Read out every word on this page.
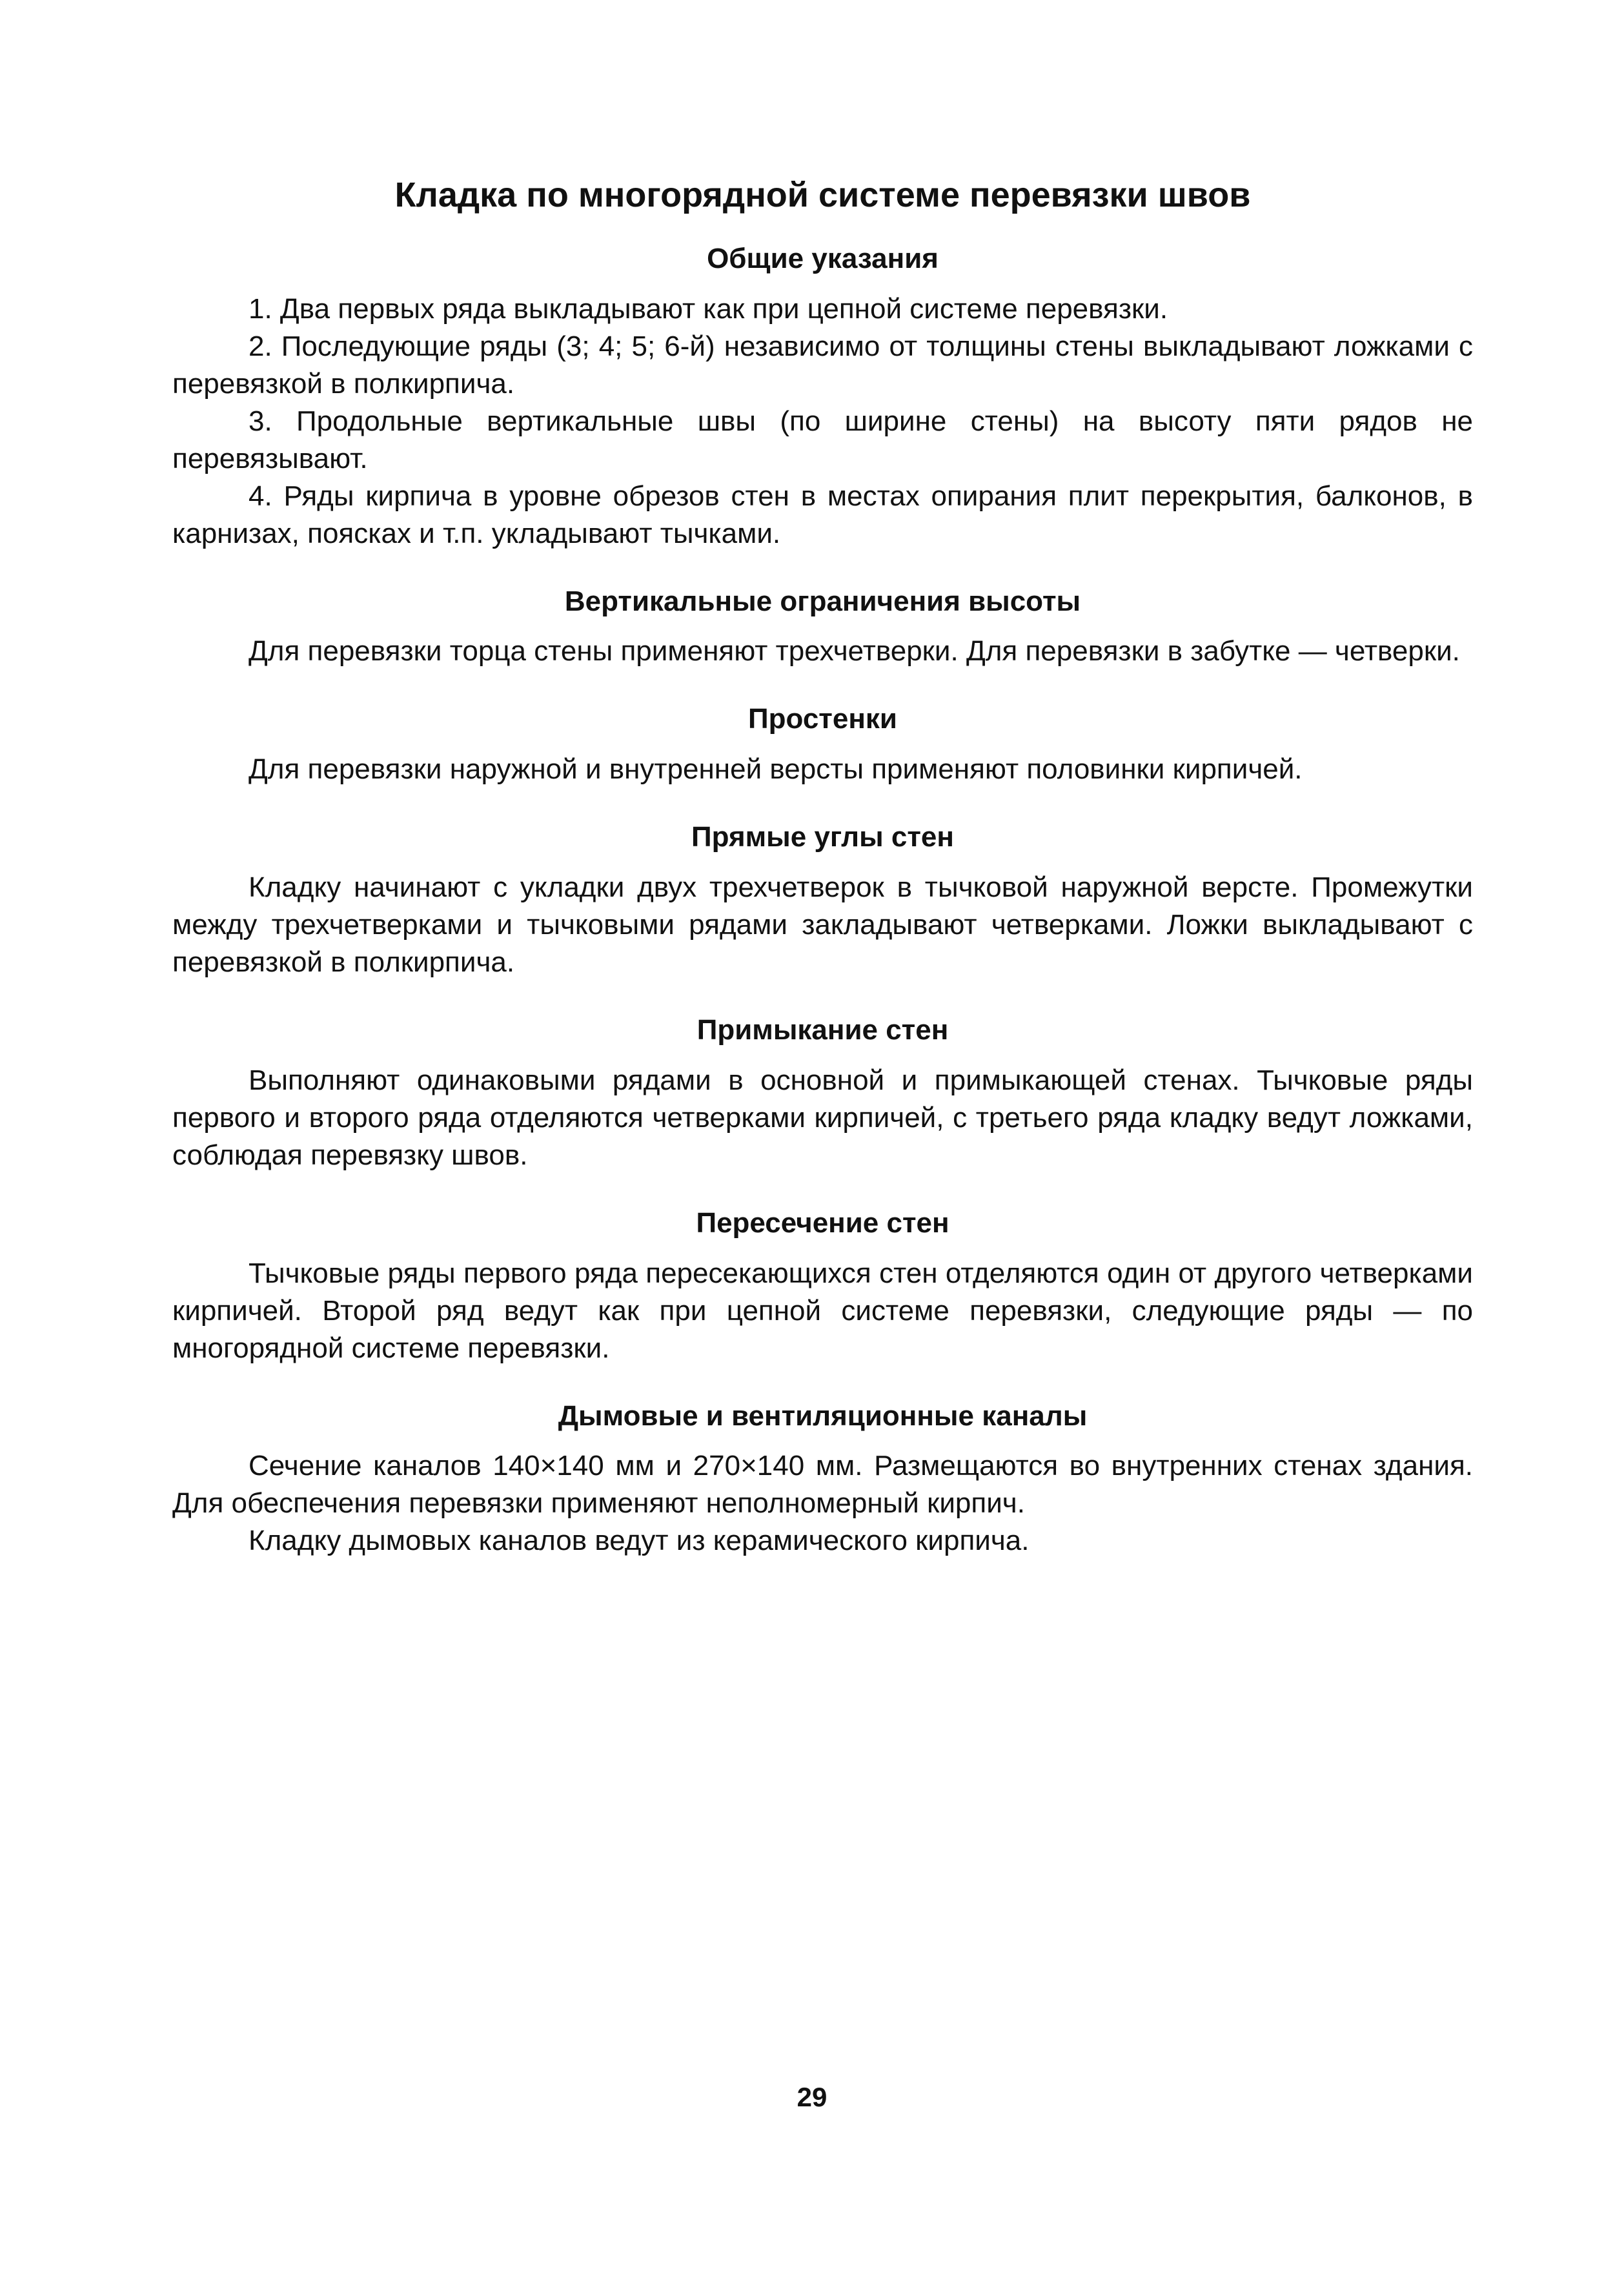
Кладка по многорядной системе перевязки швов
Общие указания

1. Два первых ряда выкладывают как при цепной системе перевязки.

2. Последующие ряды (3; 4; 5; 6-й) независимо от толщины стены выкладывают ложками с перевязкой в полкирпича.

3. Продольные вертикальные швы (по ширине стены) на высоту пяти рядов не перевязывают.

4. Ряды кирпича в уровне обрезов стен в местах опирания плит перекрытия, балконов, в карнизах, поясках и т.п. укладывают тычками.

Вертикальные ограничения высоты

Для перевязки торца стены применяют трехчетверки. Для перевязки в забутке — четверки.

Простенки

Для перевязки наружной и внутренней версты применяют половинки кирпичей.

Прямые углы стен

Кладку начинают с укладки двух трехчетверок в тычковой наружной версте. Промежутки между трехчетверками и тычковыми рядами закладывают четверками. Ложки выкладывают с перевязкой в полкирпича.

Примыкание стен

Выполняют одинаковыми рядами в основной и примыкающей стенах. Тычковые ряды первого и второго ряда отделяются четверками кирпичей, с третьего ряда кладку ведут ложками, соблюдая перевязку швов.

Пересечение стен

Тычковые ряды первого ряда пересекающихся стен отделяются один от другого четверками кирпичей. Второй ряд ведут как при цепной системе перевязки, следующие ряды — по многорядной системе перевязки.

Дымовые и вентиляционные каналы

Сечение каналов 140×140 мм и 270×140 мм. Размещаются во внутренних стенах здания. Для обеспечения перевязки применяют неполномерный кирпич.

Кладку дымовых каналов ведут из керамического кирпича.

29
